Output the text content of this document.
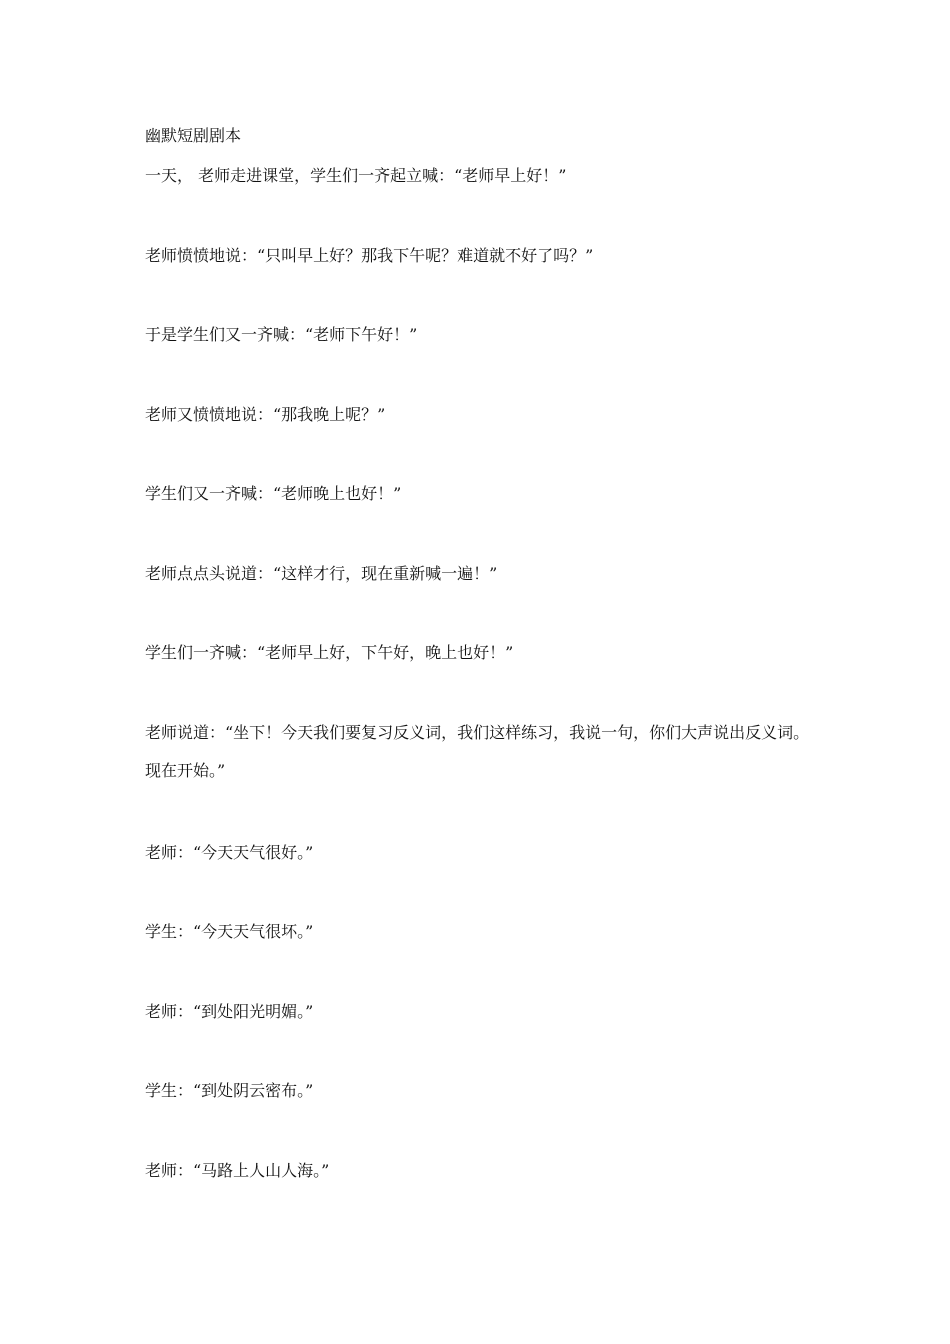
幽默短剧剧本
一天， 老师走进课堂，学生们一齐起立喊：“老师早上好！”
老师愤愤地说：“只叫早上好？那我下午呢？难道就不好了吗？”
于是学生们又一齐喊：“老师下午好！”
老师又愤愤地说：“那我晚上呢？”
学生们又一齐喊：“老师晚上也好！”
老师点点头说道：“这样才行，现在重新喊一遍！”
学生们一齐喊：“老师早上好，下午好，晚上也好！”
老师说道：“坐下！今天我们要复习反义词，我们这样练习，我说一句，你们大声说出反义词。现在开始。”
老师：“今天天气很好。”
学生：“今天天气很坏。”
老师：“到处阳光明媚。”
学生：“到处阴云密布。”
老师：“马路上人山人海。”
